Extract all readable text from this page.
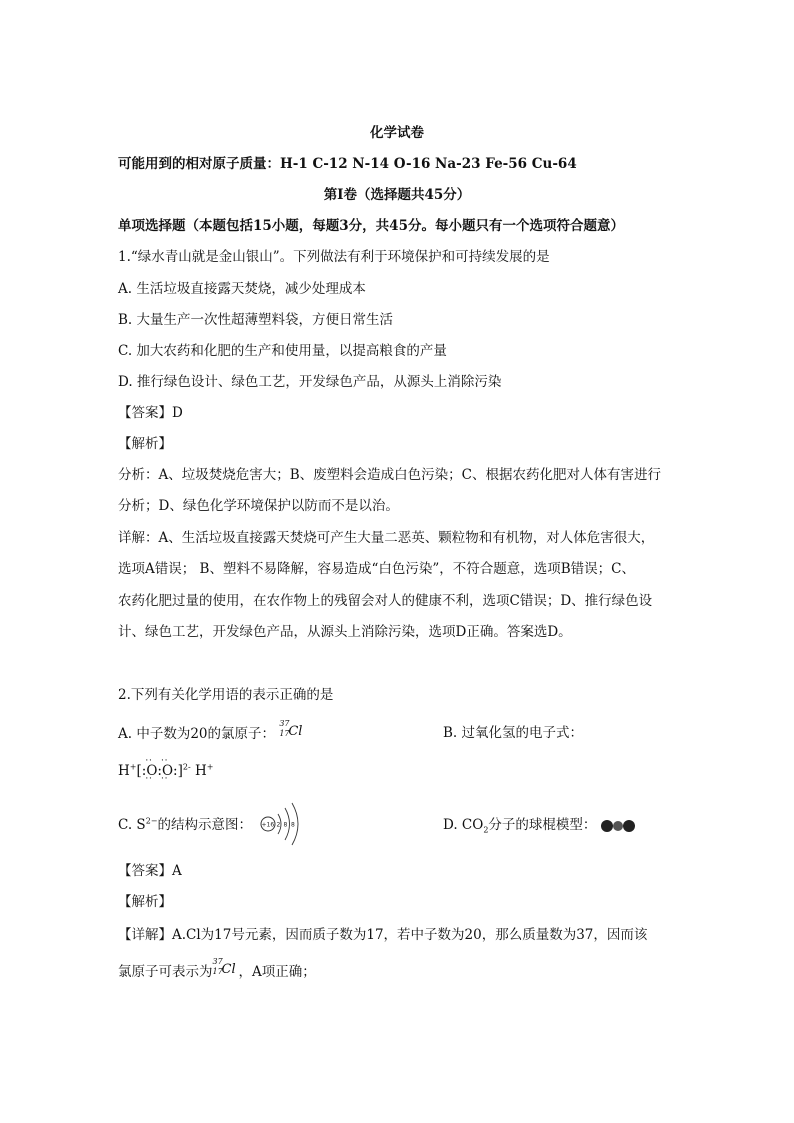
化学试卷
可能用到的相对原子质量：H-1 C-12 N-14 O-16 Na-23 Fe-56 Cu-64
第Ⅰ卷（选择题共45分）
单项选择题（本题包括15小题，每题3分，共45分。每小题只有一个选项符合题意）
1.“绿水青山就是金山银山”。下列做法有利于环境保护和可持续发展的是
A. 生活垃圾直接露天焚烧，减少处理成本
B. 大量生产一次性超薄塑料袋，方便日常生活
C. 加大农药和化肥的生产和使用量，以提高粮食的产量
D. 推行绿色设计、绿色工艺，开发绿色产品，从源头上消除污染
【答案】D
【解析】
分析：A、垃圾焚烧危害大；B、废塑料会造成白色污染；C、根据农药化肥对人体有害进行
分析；D、绿色化学环境保护以防而不是以治。
详解：A、生活垃圾直接露天焚烧可产生大量二恶英、颗粒物和有机物，对人体危害很大，
选项A错误； B、塑料不易降解，容易造成“白色污染”，不符合题意，选项B错误；C、
农药化肥过量的使用，在农作物上的残留会对人的健康不利，选项C错误；D、推行绿色设
计、绿色工艺，开发绿色产品，从源头上消除污染，选项D正确。答案选D。
2.下列有关化学用语的表示正确的是
A. 中子数为20的氯原子：
37
17
Cl	B. 过氧化氢的电子式：
H+[:· · O · ·:· · O · ·:]$^{2-}$ H+
C. $S^{2-}$的结构示意图： +16 2 8 8	D. $CO_2$分子的球棍模型：
【答案】A
【解析】
【详解】A.Cl为17号元素，因而质子数为17，若中子数为20，那么质量数为37，因而该
氯原子可表示为
37
17
Cl ，A项正确；
